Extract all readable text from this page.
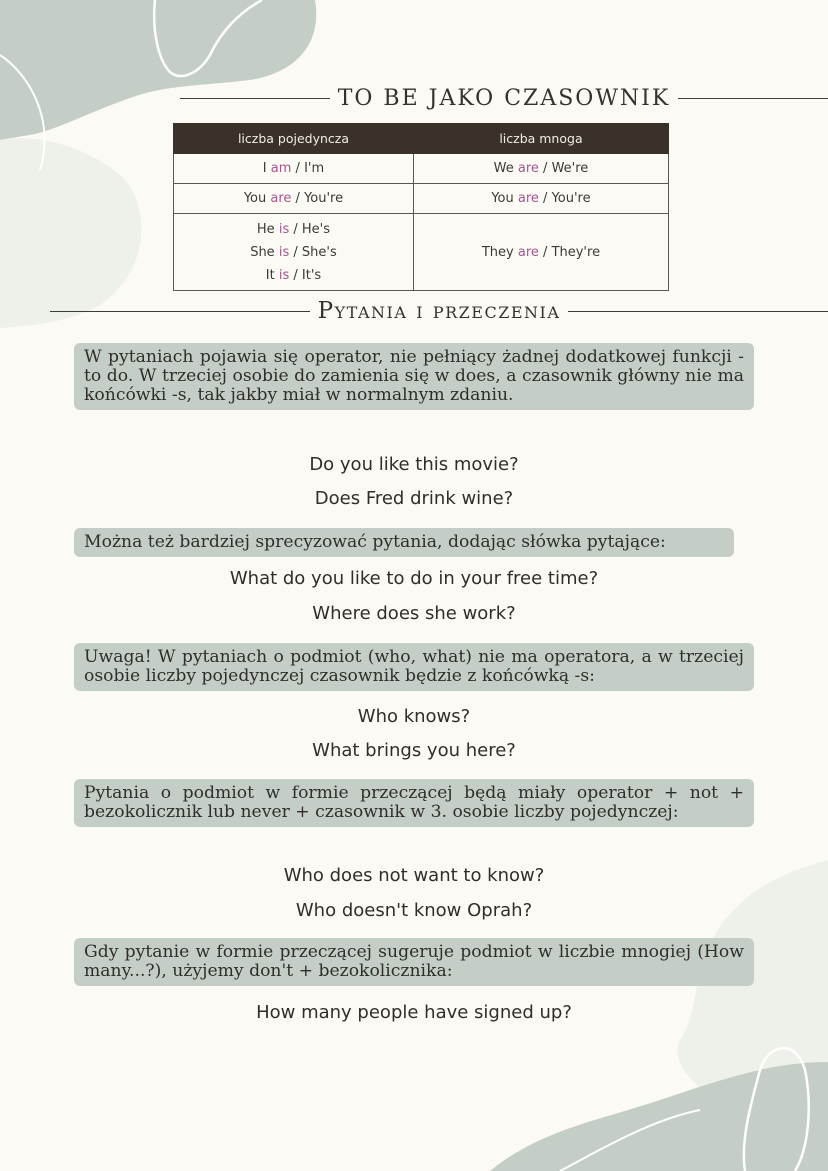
TO BE JAKO CZASOWNIK
liczba pojedyncza	liczba mnoga

I am / I'm	We are / We're

You are / You're	You are / You're

He is / He's
She is / She's
It is / It's	They are / They're
Pytania i przeczenia
W pytaniach pojawia się operator, nie pełniący żadnej dodatkowej funkcji - to do. W trzeciej osobie do zamienia się w does, a czasownik główny nie ma końcówki -s, tak jakby miał w normalnym zdaniu.
Do you like this movie?
Does Fred drink wine?
Można też bardziej sprecyzować pytania, dodając słówka pytające:
What do you like to do in your free time?
Where does she work?
Uwaga! W pytaniach o podmiot (who, what) nie ma operatora, a w trzeciej osobie liczby pojedynczej czasownik będzie z końcówką -s:
Who knows?
What brings you here?
Pytania o podmiot w formie przeczącej będą miały operator + not + bezokolicznik lub never + czasownik w 3. osobie liczby pojedynczej:
Who does not want to know?
Who doesn't know Oprah?
Gdy pytanie w formie przeczącej sugeruje podmiot w liczbie mnogiej (How many...?), użyjemy don't + bezokolicznika:
How many people have signed up?
